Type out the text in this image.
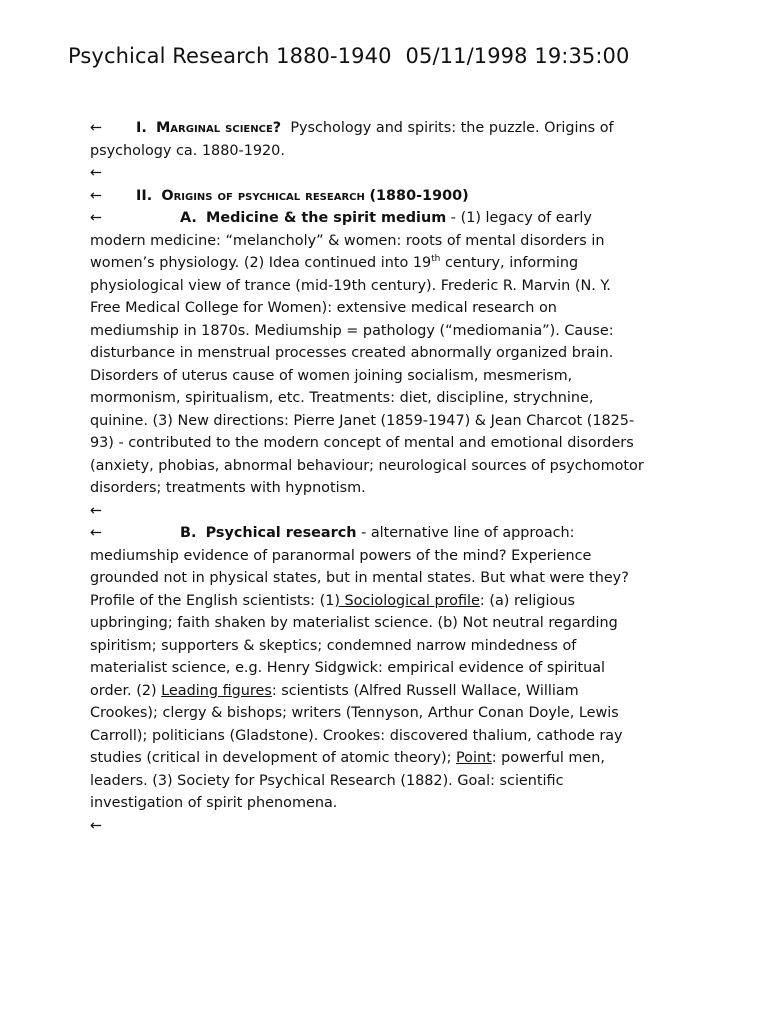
Psychical Research 1880-1940 05/11/1998 19:35:00
← I. Marginal science? Pyschology and spirits: the puzzle. Origins of
psychology ca. 1880-1920.
←
← II. Origins of psychical research (1880-1900)
←	A. Medicine & the spirit medium - (1) legacy of early
modern medicine: “melancholy” & women: roots of mental disorders in
women’s physiology. (2) Idea continued into 19th century, informing
physiological view of trance (mid-19th century). Frederic R. Marvin (N. Y.
Free Medical College for Women): extensive medical research on
mediumship in 1870s. Mediumship = pathology (“mediomania”). Cause:
disturbance in menstrual processes created abnormally organized brain.
Disorders of uterus cause of women joining socialism, mesmerism,
mormonism, spiritualism, etc. Treatments: diet, discipline, strychnine,
quinine. (3) New directions: Pierre Janet (1859-1947) & Jean Charcot (1825-
93) - contributed to the modern concept of mental and emotional disorders
(anxiety, phobias, abnormal behaviour; neurological sources of psychomotor
disorders; treatments with hypnotism.
←
←	B. Psychical research - alternative line of approach:
mediumship evidence of paranormal powers of the mind? Experience
grounded not in physical states, but in mental states. But what were they?
Profile of the English scientists: (1) Sociological profile: (a) religious
upbringing; faith shaken by materialist science. (b) Not neutral regarding
spiritism; supporters & skeptics; condemned narrow mindedness of
materialist science, e.g. Henry Sidgwick: empirical evidence of spiritual
order. (2) Leading figures: scientists (Alfred Russell Wallace, William
Crookes); clergy & bishops; writers (Tennyson, Arthur Conan Doyle, Lewis
Carroll); politicians (Gladstone). Crookes: discovered thalium, cathode ray
studies (critical in development of atomic theory); Point: powerful men,
leaders. (3) Society for Psychical Research (1882). Goal: scientific
investigation of spirit phenomena.
←
